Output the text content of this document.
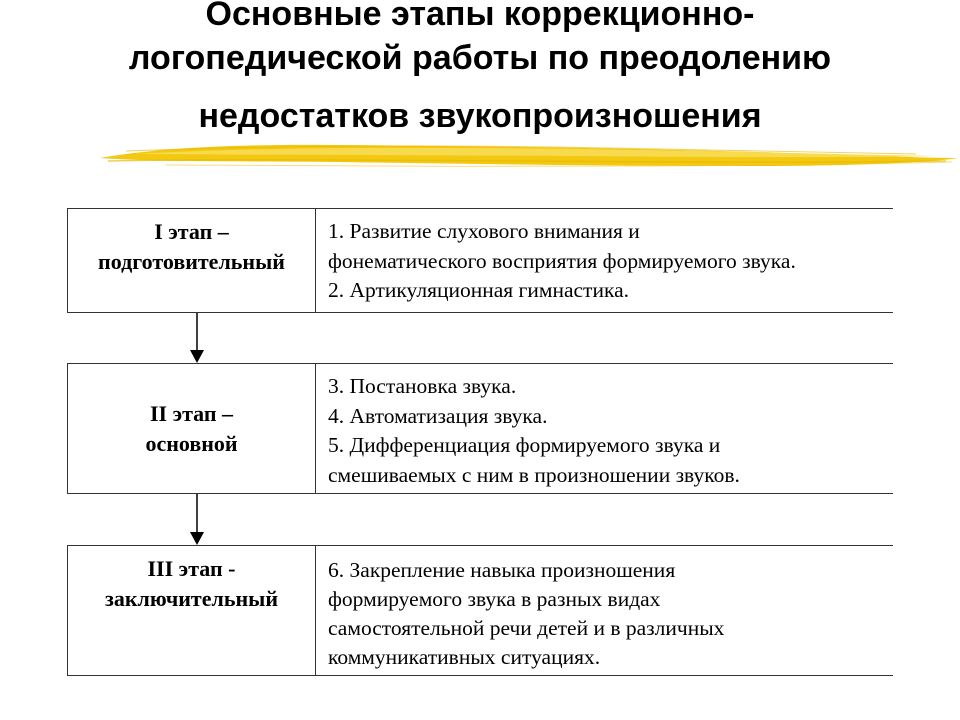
Основные этапы коррекционно-
логопедической работы по преодолению
недостатков звукопроизношения
I этап –
подготовительный
1. Развитие слухового внимания и
фонематического восприятия формируемого звука.
2. Артикуляционная гимнастика.
II этап –
основной
3. Постановка звука.
4. Автоматизация звука.
5. Дифференциация формируемого звука и
смешиваемых с ним в произношении звуков.
III этап -
заключительный
6. Закрепление навыка произношения
формируемого звука в разных видах
самостоятельной речи детей и в различных
коммуникативных ситуациях.
